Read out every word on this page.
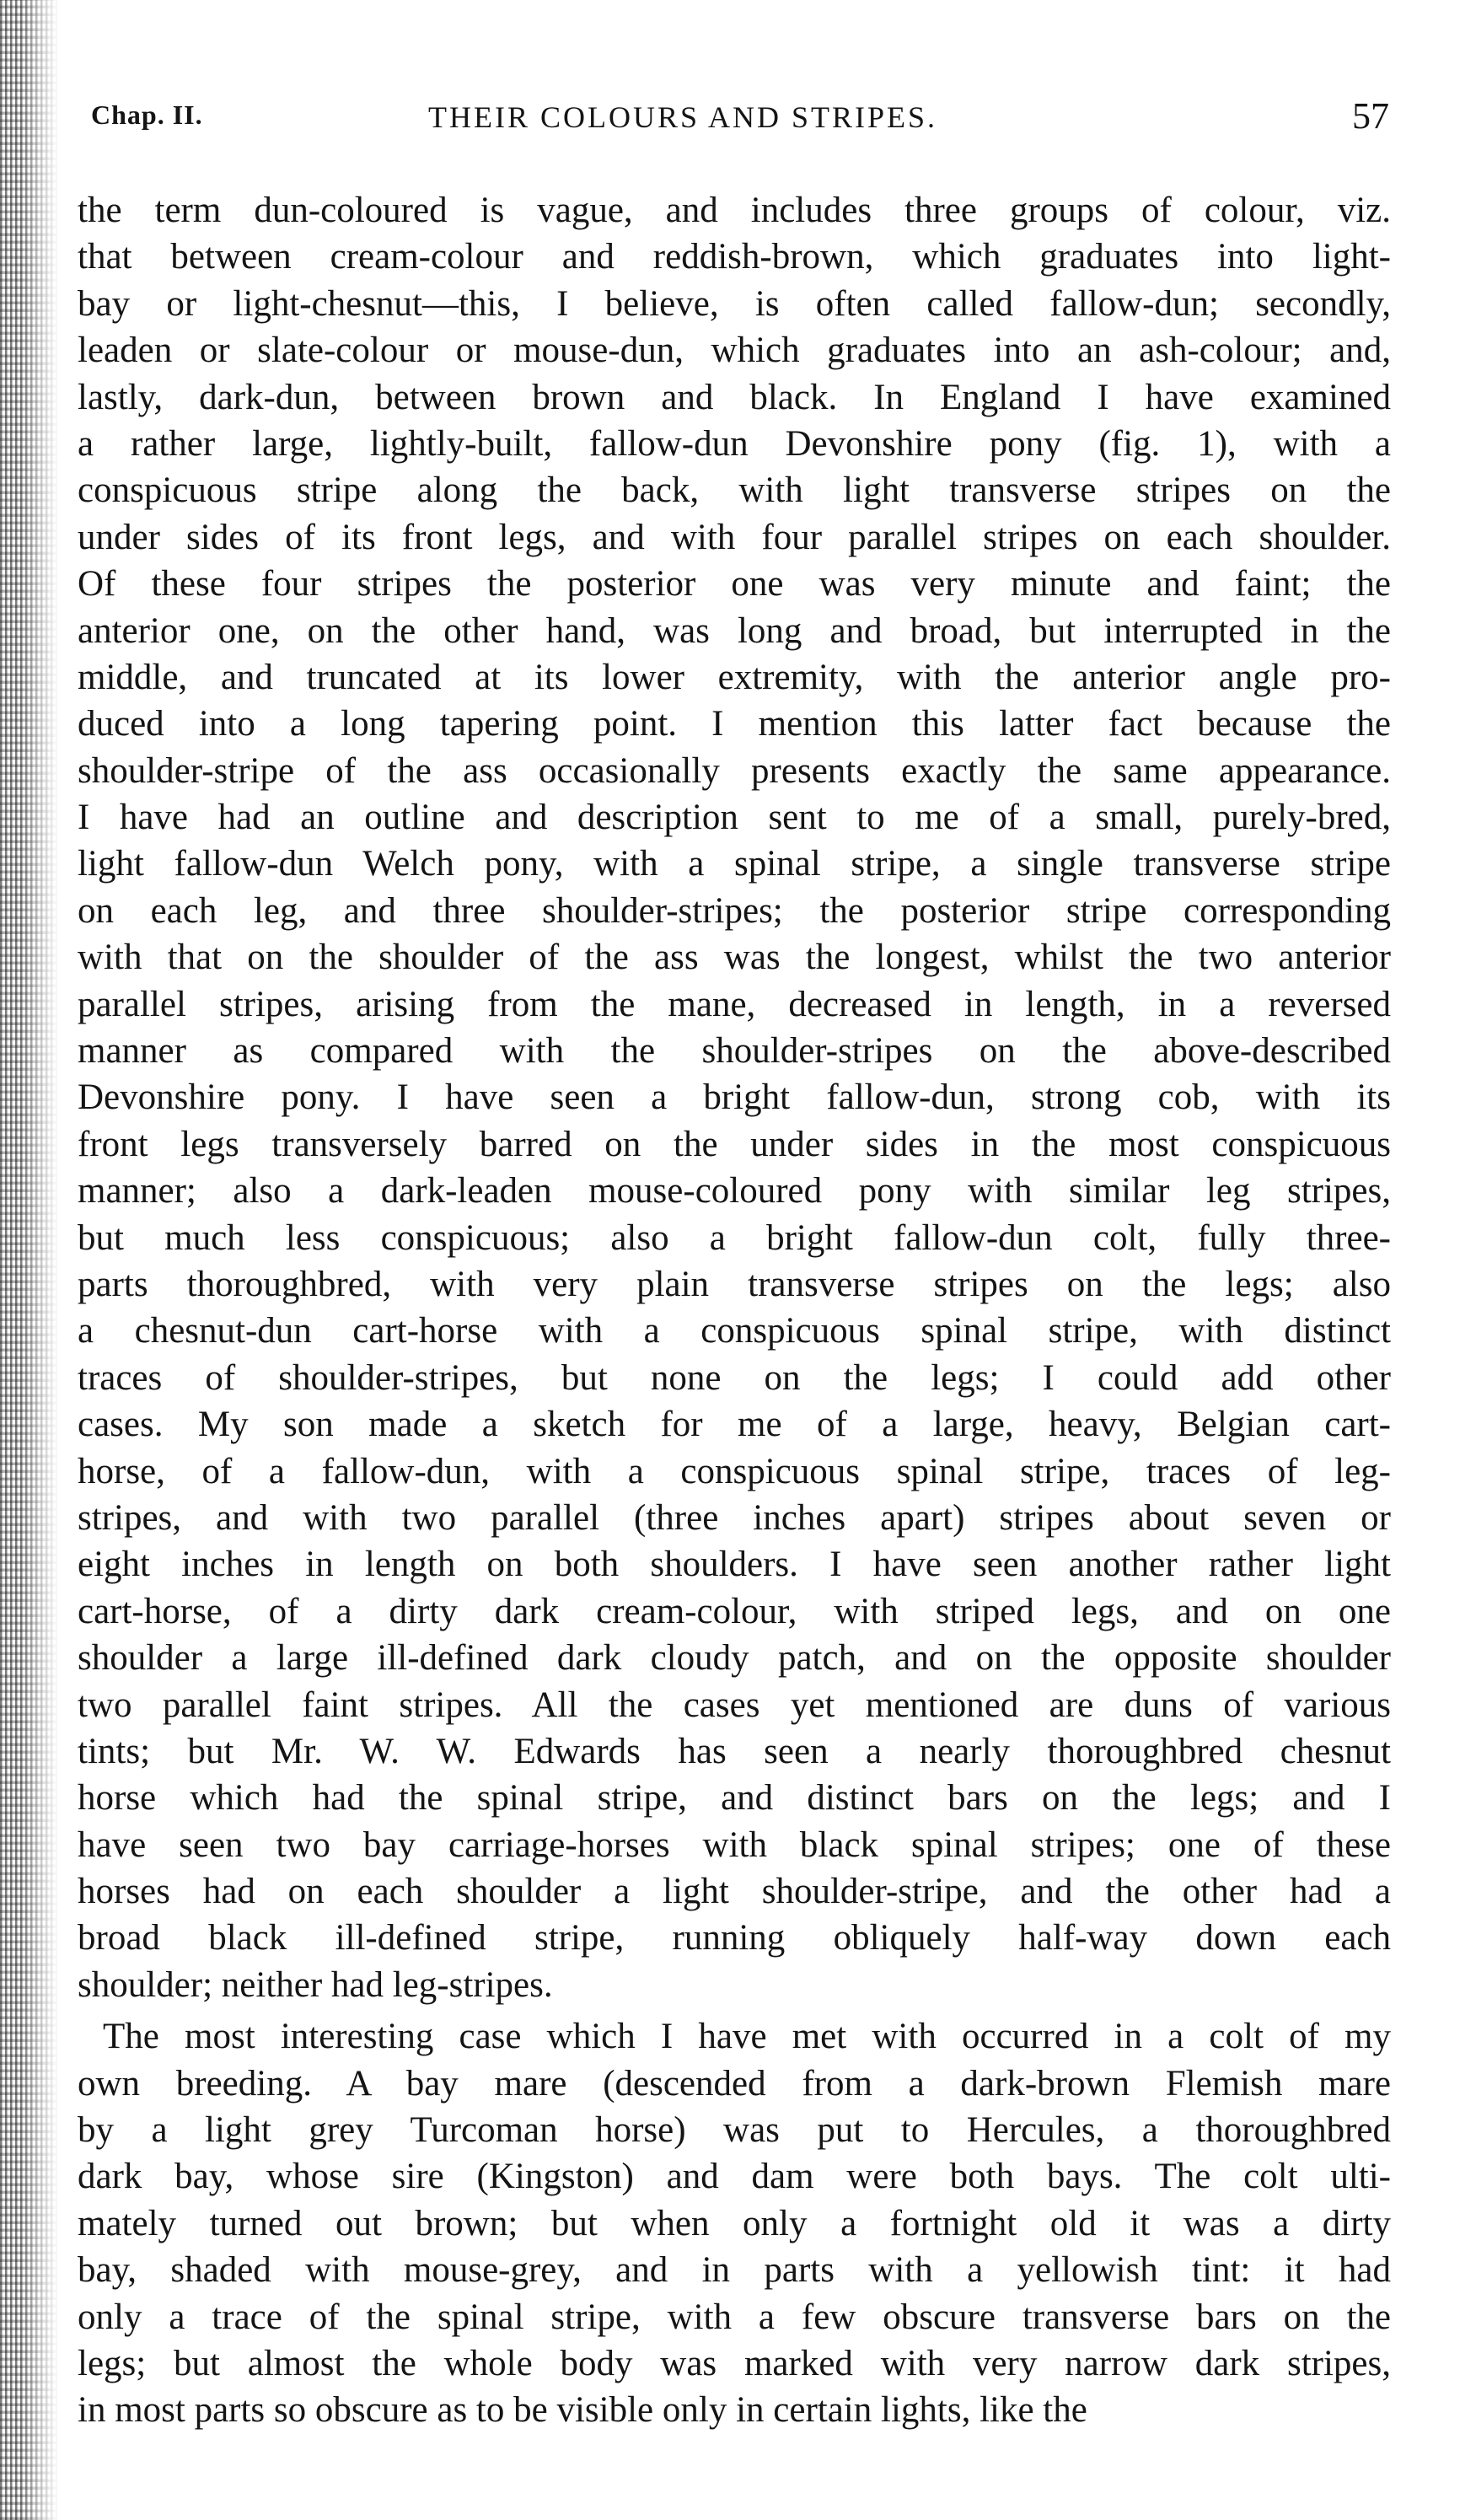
Chap. II.	THEIR COLOURS AND STRIPES.	57
the term dun-coloured is vague, and includes three groups of colour, viz.
that between cream-colour and reddish-brown, which graduates into light-
bay or light-chesnut—this, I believe, is often called fallow-dun; secondly,
leaden or slate-colour or mouse-dun, which graduates into an ash-colour; and,
lastly, dark-dun, between brown and black. In England I have examined
a rather large, lightly-built, fallow-dun Devonshire pony (fig. 1), with a
conspicuous stripe along the back, with light transverse stripes on the
under sides of its front legs, and with four parallel stripes on each shoulder.
Of these four stripes the posterior one was very minute and faint; the
anterior one, on the other hand, was long and broad, but interrupted in the
middle, and truncated at its lower extremity, with the anterior angle pro-
duced into a long tapering point. I mention this latter fact because the
shoulder-stripe of the ass occasionally presents exactly the same appearance.
I have had an outline and description sent to me of a small, purely-bred,
light fallow-dun Welch pony, with a spinal stripe, a single transverse stripe
on each leg, and three shoulder-stripes; the posterior stripe corresponding
with that on the shoulder of the ass was the longest, whilst the two anterior
parallel stripes, arising from the mane, decreased in length, in a reversed
manner as compared with the shoulder-stripes on the above-described
Devonshire pony. I have seen a bright fallow-dun, strong cob, with its
front legs transversely barred on the under sides in the most conspicuous
manner; also a dark-leaden mouse-coloured pony with similar leg stripes,
but much less conspicuous; also a bright fallow-dun colt, fully three-
parts thoroughbred, with very plain transverse stripes on the legs; also
a chesnut-dun cart-horse with a conspicuous spinal stripe, with distinct
traces of shoulder-stripes, but none on the legs; I could add other
cases. My son made a sketch for me of a large, heavy, Belgian cart-
horse, of a fallow-dun, with a conspicuous spinal stripe, traces of leg-
stripes, and with two parallel (three inches apart) stripes about seven or
eight inches in length on both shoulders. I have seen another rather light
cart-horse, of a dirty dark cream-colour, with striped legs, and on one
shoulder a large ill-defined dark cloudy patch, and on the opposite shoulder
two parallel faint stripes. All the cases yet mentioned are duns of various
tints; but Mr. W. W. Edwards has seen a nearly thoroughbred chesnut
horse which had the spinal stripe, and distinct bars on the legs; and I
have seen two bay carriage-horses with black spinal stripes; one of these
horses had on each shoulder a light shoulder-stripe, and the other had a
broad black ill-defined stripe, running obliquely half-way down each
shoulder; neither had leg-stripes.
The most interesting case which I have met with occurred in a colt of my
own breeding. A bay mare (descended from a dark-brown Flemish mare
by a light grey Turcoman horse) was put to Hercules, a thoroughbred
dark bay, whose sire (Kingston) and dam were both bays. The colt ulti-
mately turned out brown; but when only a fortnight old it was a dirty
bay, shaded with mouse-grey, and in parts with a yellowish tint: it had
only a trace of the spinal stripe, with a few obscure transverse bars on the
legs; but almost the whole body was marked with very narrow dark stripes,
in most parts so obscure as to be visible only in certain lights, like the
